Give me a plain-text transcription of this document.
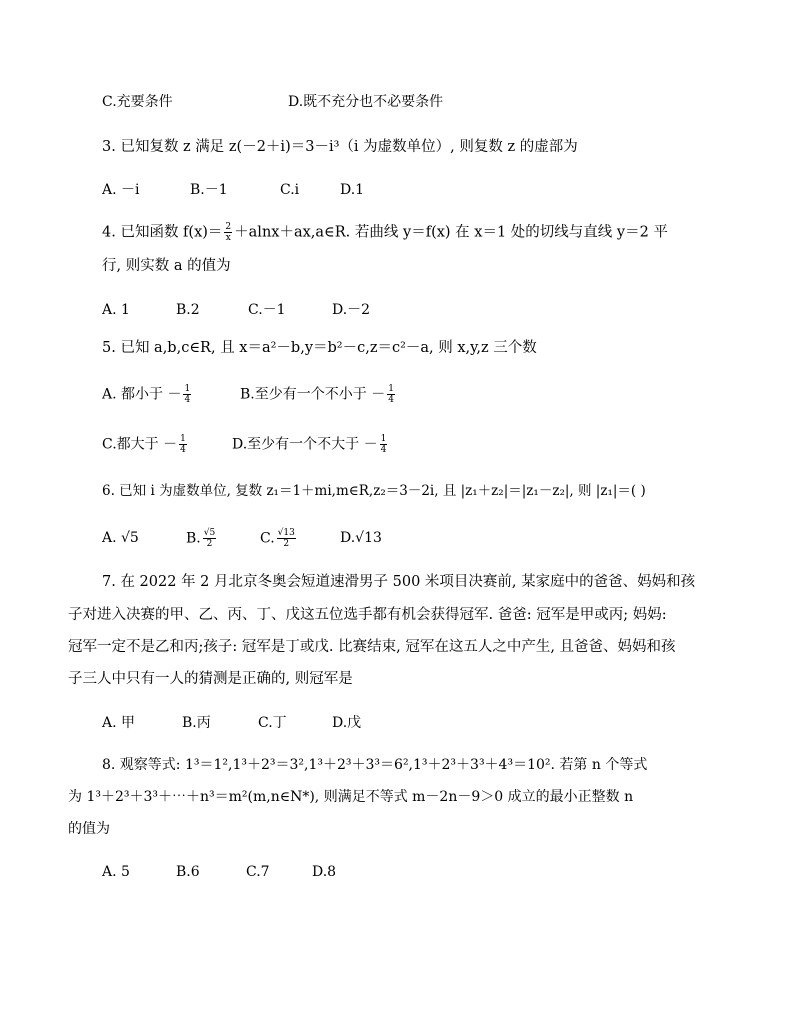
C.充要条件	D.既不充分也不必要条件
3. 已知复数 z 满足 z(－2＋i)＝3－i³（i 为虚数单位）, 则复数 z 的虚部为
A. －i	B.－1	C.i	D.1
4. 已知函数 $f(x)= \frac{2}{x}$ ＋alnx＋ax,a∈R. 若曲线 y＝f(x) 在 x＝1 处的切线与直线 y＝2 平
行, 则实数 a 的值为
A. 1	B.2	C.－1	D.－2
5. 已知 a,b,c∈R, 且 x＝a²－b,y＝b²－c,z＝c²－a, 则 x,y,z 三个数
A. 都小于 － $\frac{1}{4}$	B.至少有一个不小于 － $\frac{1}{4}$
C.都大于 － $\frac{1}{4}$	D.至少有一个不大于 － $\frac{1}{4}$
6. 已知 i 为虚数单位, 复数 z₁＝1＋mi,m∈R,z₂＝3－2i, 且 |z₁＋z₂|＝|z₁－z₂|, 则 |z₁|＝( )
A. √5	B. $\frac{√5}{2}$	C. $\frac{√13}{2}$	D.√13
7. 在 2022 年 2 月北京冬奥会短道速滑男子 500 米项目决赛前, 某家庭中的爸爸、妈妈和孩
子对进入决赛的甲、乙、丙、丁、戊这五位选手都有机会获得冠军. 爸爸: 冠军是甲或丙; 妈妈:
冠军一定不是乙和丙;孩子: 冠军是丁或戊. 比赛结束, 冠军在这五人之中产生, 且爸爸、妈妈和孩
子三人中只有一人的猜测是正确的, 则冠军是
A. 甲	B.丙	C.丁	D.戊
8. 观察等式: 1³＝1²,1³＋2³＝3²,1³＋2³＋3³＝6²,1³＋2³＋3³＋4³＝10². 若第 n 个等式
为 1³＋2³＋3³＋⋯＋n³＝m²(m,n∈N*), 则满足不等式 m－2n－9＞0 成立的最小正整数 n
的值为
A. 5	B.6	C.7	D.8
